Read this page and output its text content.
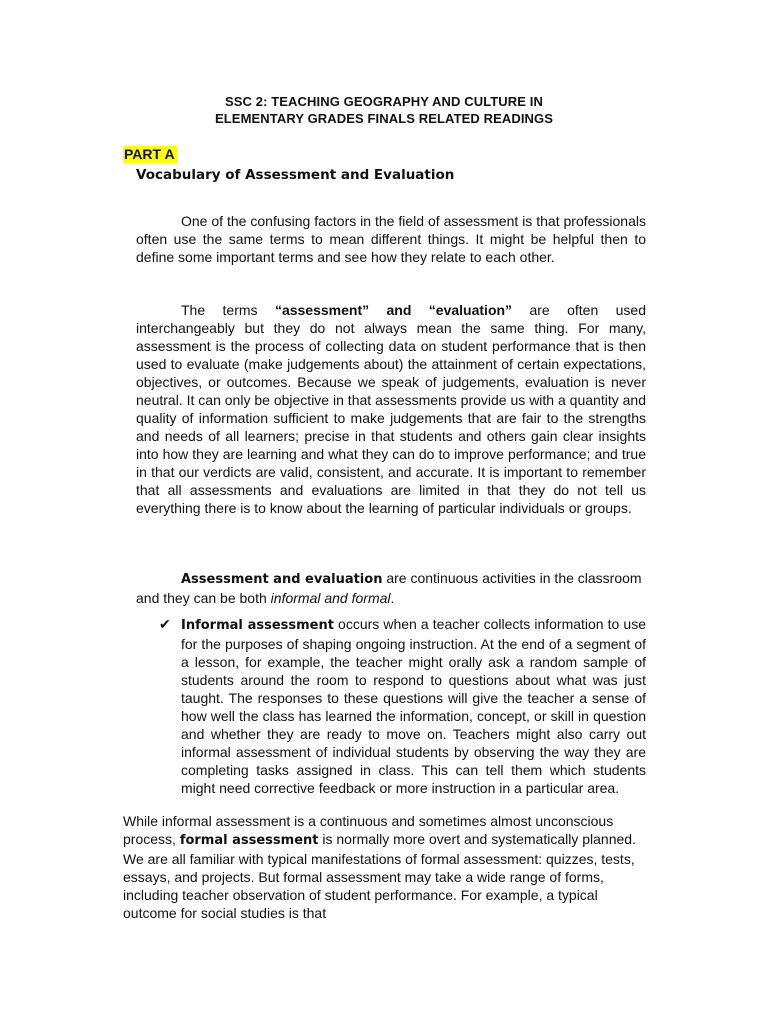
SSC 2: TEACHING GEOGRAPHY AND CULTURE IN
ELEMENTARY GRADES FINALS RELATED READINGS
PART A
Vocabulary of Assessment and Evaluation
One of the confusing factors in the field of assessment is that professionals often use the same terms to mean different things. It might be helpful then to define some important terms and see how they relate to each other.
The terms “assessment” and “evaluation” are often used interchangeably but they do not always mean the same thing. For many, assessment is the process of collecting data on student performance that is then used to evaluate (make judgements about) the attainment of certain expectations, objectives, or outcomes. Because we speak of judgements, evaluation is never neutral. It can only be objective in that assessments provide us with a quantity and quality of information sufficient to make judgements that are fair to the strengths and needs of all learners; precise in that students and others gain clear insights into how they are learning and what they can do to improve performance; and true in that our verdicts are valid, consistent, and accurate. It is important to remember that all assessments and evaluations are limited in that they do not tell us everything there is to know about the learning of particular individuals or groups.
Assessment and evaluation are continuous activities in the classroom and they can be both informal and formal.
✔ Informal assessment occurs when a teacher collects information to use for the purposes of shaping ongoing instruction. At the end of a segment of a lesson, for example, the teacher might orally ask a random sample of students around the room to respond to questions about what was just taught. The responses to these questions will give the teacher a sense of how well the class has learned the information, concept, or skill in question and whether they are ready to move on. Teachers might also carry out informal assessment of individual students by observing the way they are completing tasks assigned in class. This can tell them which students might need corrective feedback or more instruction in a particular area.
While informal assessment is a continuous and sometimes almost unconscious process, formal assessment is normally more overt and systematically planned. We are all familiar with typical manifestations of formal assessment: quizzes, tests, essays, and projects. But formal assessment may take a wide range of forms, including teacher observation of student performance. For example, a typical outcome for social studies is that
